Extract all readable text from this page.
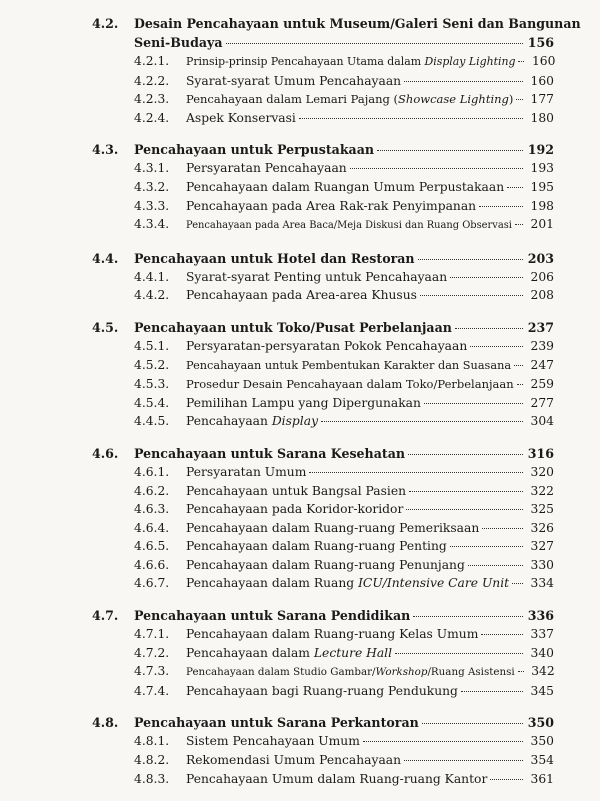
4.2.	Desain Pencahayaan untuk Museum/Galeri Seni dan Bangunan
Seni-Budaya	156
4.2.1.	Prinsip-prinsip Pencahayaan Utama dalam Display Lighting	160
4.2.2.	Syarat-syarat Umum Pencahayaan	160
4.2.3.	Pencahayaan dalam Lemari Pajang (Showcase Lighting)	177
4.2.4.	Aspek Konservasi	180
4.3.	Pencahayaan untuk Perpustakaan	192
4.3.1.	Persyaratan Pencahayaan	193
4.3.2.	Pencahayaan dalam Ruangan Umum Perpustakaan	195
4.3.3.	Pencahayaan pada Area Rak-rak Penyimpanan	198
4.3.4.	Pencahayaan pada Area Baca/Meja Diskusi dan Ruang Observasi	201
4.4.	Pencahayaan untuk Hotel dan Restoran	203
4.4.1.	Syarat-syarat Penting untuk Pencahayaan	206
4.4.2.	Pencahayaan pada Area-area Khusus	208
4.5.	Pencahayaan untuk Toko/Pusat Perbelanjaan	237
4.5.1.	Persyaratan-persyaratan Pokok Pencahayaan	239
4.5.2.	Pencahayaan untuk Pembentukan Karakter dan Suasana	247
4.5.3.	Prosedur Desain Pencahayaan dalam Toko/Perbelanjaan	259
4.5.4.	Pemilihan Lampu yang Dipergunakan	277
4.4.5.	Pencahayaan Display	304
4.6.	Pencahayaan untuk Sarana Kesehatan	316
4.6.1.	Persyaratan Umum	320
4.6.2.	Pencahayaan untuk Bangsal Pasien	322
4.6.3.	Pencahayaan pada Koridor-koridor	325
4.6.4.	Pencahayaan dalam Ruang-ruang Pemeriksaan	326
4.6.5.	Pencahayaan dalam Ruang-ruang Penting	327
4.6.6.	Pencahayaan dalam Ruang-ruang Penunjang	330
4.6.7.	Pencahayaan dalam Ruang ICU/Intensive Care Unit	334
4.7.	Pencahayaan untuk Sarana Pendidikan	336
4.7.1.	Pencahayaan dalam Ruang-ruang Kelas Umum	337
4.7.2.	Pencahayaan dalam Lecture Hall	340
4.7.3.	Pencahayaan dalam Studio Gambar/Workshop/Ruang Asistensi	342
4.7.4.	Pencahayaan bagi Ruang-ruang Pendukung	345
4.8.	Pencahayaan untuk Sarana Perkantoran	350
4.8.1.	Sistem Pencahayaan Umum	350
4.8.2.	Rekomendasi Umum Pencahayaan	354
4.8.3.	Pencahayaan Umum dalam Ruang-ruang Kantor	361
